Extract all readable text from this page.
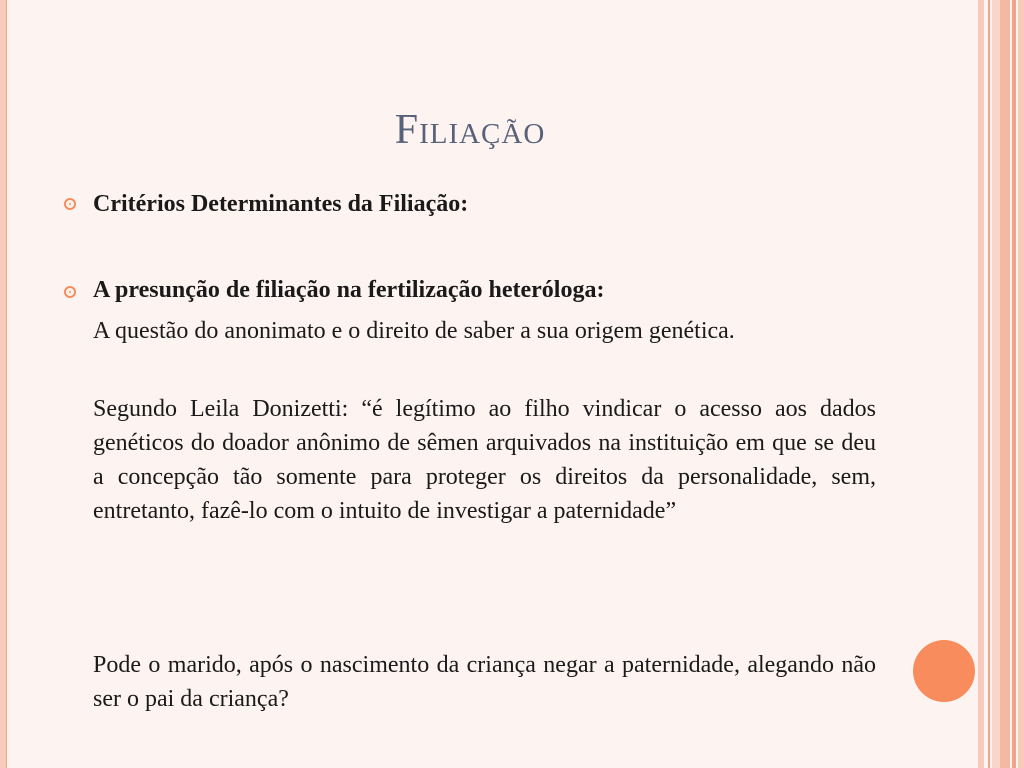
Filiação
Critérios Determinantes da Filiação:
A presunção de filiação na fertilização heteróloga:
A questão do anonimato e o direito de saber a sua origem genética.
Segundo Leila Donizetti: “é legítimo ao filho vindicar o acesso aos dados genéticos do doador anônimo de sêmen arquivados na instituição em que se deu a concepção tão somente para proteger os direitos da personalidade, sem, entretanto, fazê-lo com o intuito de investigar a paternidade”
Pode o marido, após o nascimento da criança negar a paternidade, alegando não ser o pai da criança?
